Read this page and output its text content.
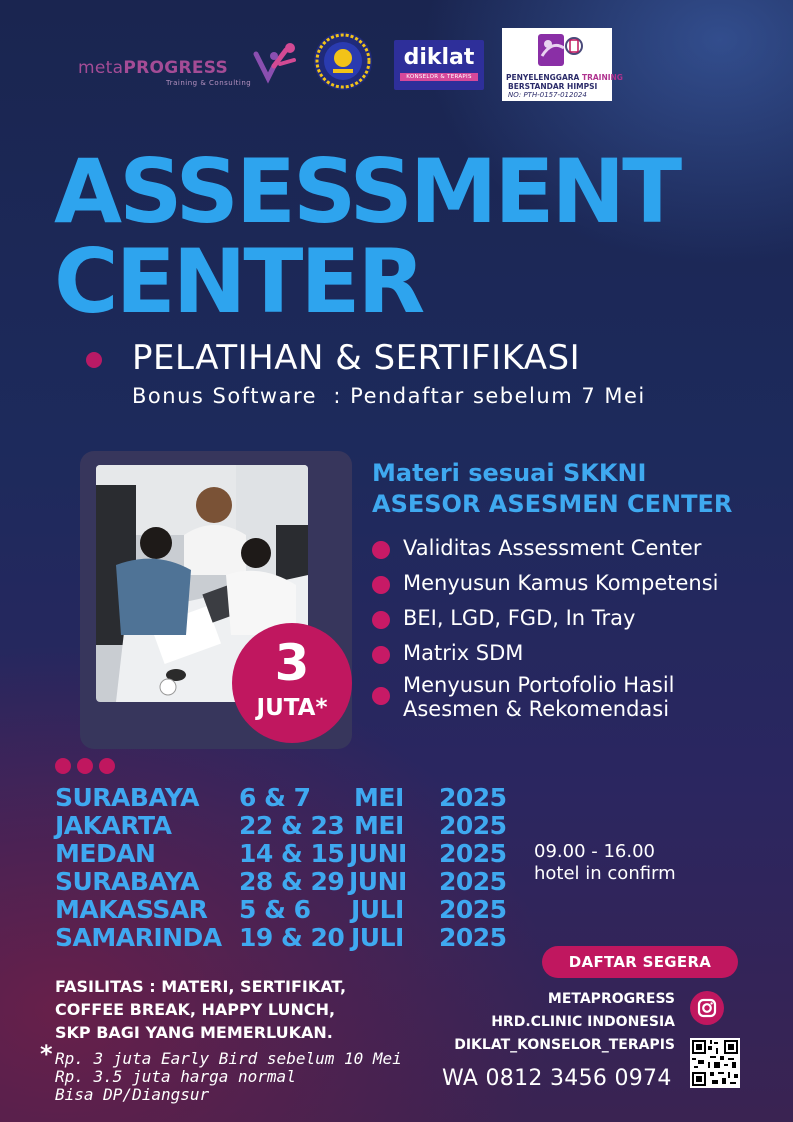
metaPROGRESS
Training & Consulting
diklat
KONSELOR & TERAPIS	PENYELENGGARA TRAINING
BERSTANDAR HIMPSI
NO: PTH-0157-012024
ASSESSMENT
CENTER
PELATIHAN & SERTIFIKASI
Bonus Software  : Pendaftar sebelum 7 Mei
3
JUTA*
Materi sesuai SKKNI
ASESOR ASESMEN CENTER
Validitas Assessment Center
Menyusun Kamus Kompetensi
BEI, LGD, FGD, In Tray
Matrix SDM
Menyusun Portofolio Hasil
Asesmen & Rekomendasi
SURABAYA 6 & 7 MEI 2025
JAKARTA	22 & 23 MEI 2025
MEDAN	14 & 15 JUNI 2025
SURABAYA 28 & 29 JUNI 2025
MAKASSAR 5 & 6 JULI 2025
SAMARINDA 19 & 20 JULI 2025
09.00 - 16.00
hotel in confirm
FASILITAS : MATERI, SERTIFIKAT,
COFFEE BREAK, HAPPY LUNCH,
SKP BAGI YANG MEMERLUKAN.
* Rp. 3 juta Early Bird sebelum 10 Mei
Rp. 3.5 juta harga normal
Bisa DP/Diangsur
DAFTAR SEGERA
METAPROGRESS
HRD.CLINIC INDONESIA
DIKLAT_KONSELOR_TERAPIS
WA 0812 3456 0974
